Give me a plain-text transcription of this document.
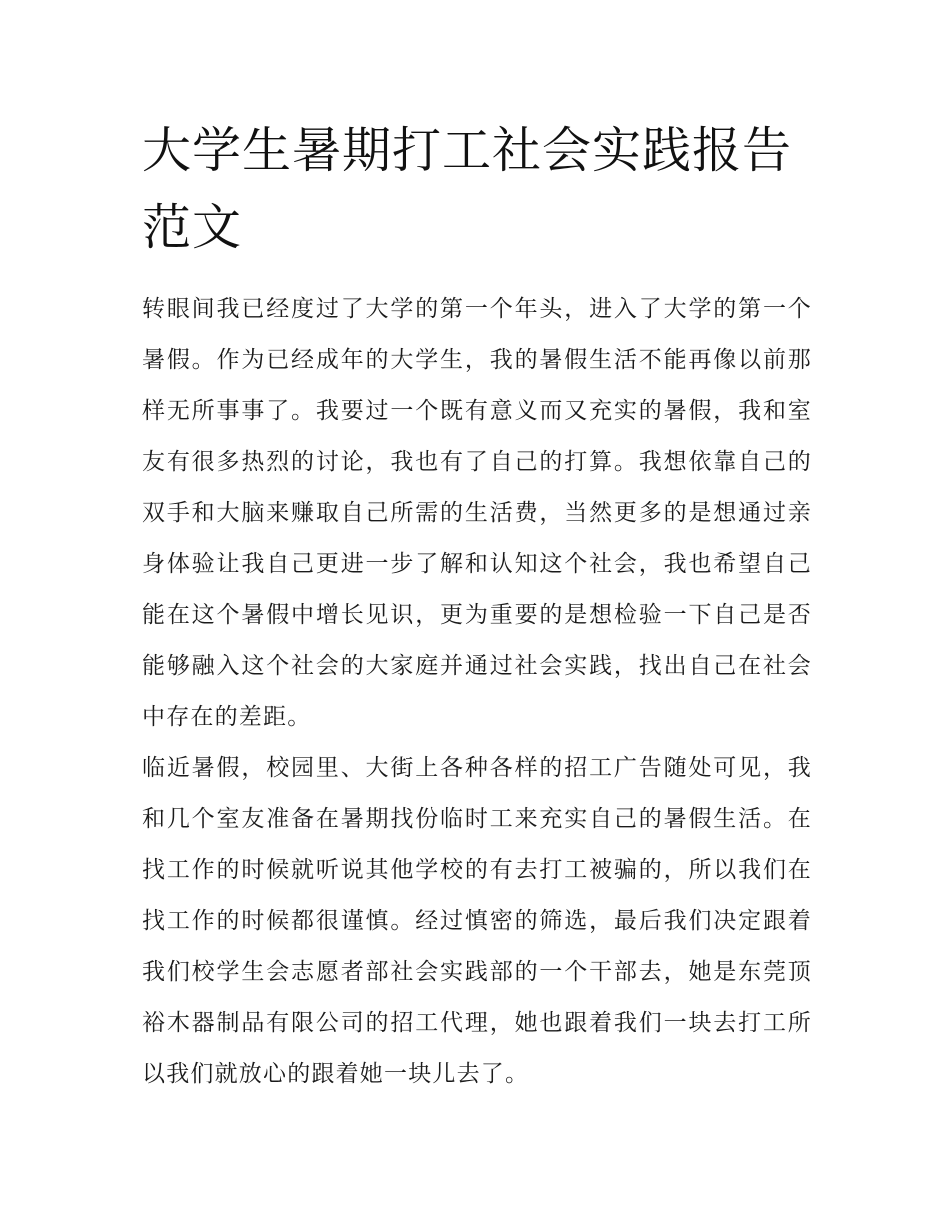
大学生暑期打工社会实践报告范文

转眼间我已经度过了大学的第一个年头，进入了大学的第一个暑假。作为已经成年的大学生，我的暑假生活不能再像以前那样无所事事了。我要过一个既有意义而又充实的暑假，我和室友有很多热烈的讨论，我也有了自己的打算。我想依靠自己的双手和大脑来赚取自己所需的生活费，当然更多的是想通过亲身体验让我自己更进一步了解和认知这个社会，我也希望自己能在这个暑假中增长见识，更为重要的是想检验一下自己是否能够融入这个社会的大家庭并通过社会实践，找出自己在社会中存在的差距。

临近暑假，校园里、大街上各种各样的招工广告随处可见，我和几个室友准备在暑期找份临时工来充实自己的暑假生活。在找工作的时候就听说其他学校的有去打工被骗的，所以我们在找工作的时候都很谨慎。经过慎密的筛选，最后我们决定跟着我们校学生会志愿者部社会实践部的一个干部去，她是东莞顶裕木器制品有限公司的招工代理，她也跟着我们一块去打工所以我们就放心的跟着她一块儿去了。
